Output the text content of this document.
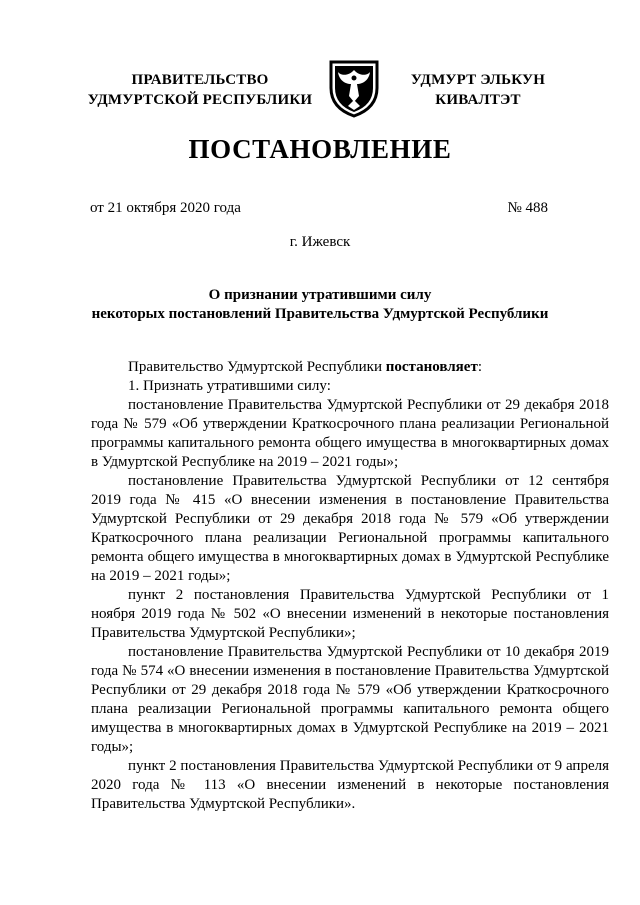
ПРАВИТЕЛЬСТВО
УДМУРТСКОЙ РЕСПУБЛИКИ
УДМУРТ ЭЛЬКУН
КИВАЛТЭТ
ПОСТАНОВЛЕНИЕ
от 21 октября 2020 года	№ 488
г. Ижевск
О признании утратившими силу
некоторых постановлений Правительства Удмуртской Республики
Правительство Удмуртской Республики постановляет:
1. Признать утратившими силу:
постановление Правительства Удмуртской Республики от 29 декабря 2018 года № 579 «Об утверждении Краткосрочного плана реализации Региональной программы капитального ремонта общего имущества в многоквартирных домах в Удмуртской Республике на 2019 – 2021 годы»;
постановление Правительства Удмуртской Республики от 12 сентября 2019 года № 415 «О внесении изменения в постановление Правительства Удмуртской Республики от 29 декабря 2018 года № 579 «Об утверждении Краткосрочного плана реализации Региональной программы капитального ремонта общего имущества в многоквартирных домах в Удмуртской Республике на 2019 – 2021 годы»;
пункт 2 постановления Правительства Удмуртской Республики от 1 ноября 2019 года № 502 «О внесении изменений в некоторые постановления Правительства Удмуртской Республики»;
постановление Правительства Удмуртской Республики от 10 декабря 2019 года № 574 «О внесении изменения в постановление Правительства Удмуртской Республики от 29 декабря 2018 года № 579 «Об утверждении Краткосрочного плана реализации Региональной программы капитального ремонта общего имущества в многоквартирных домах в Удмуртской Республике на 2019 – 2021 годы»;
пункт 2 постановления Правительства Удмуртской Республики от 9 апреля 2020 года № 113 «О внесении изменений в некоторые постановления Правительства Удмуртской Республики».
